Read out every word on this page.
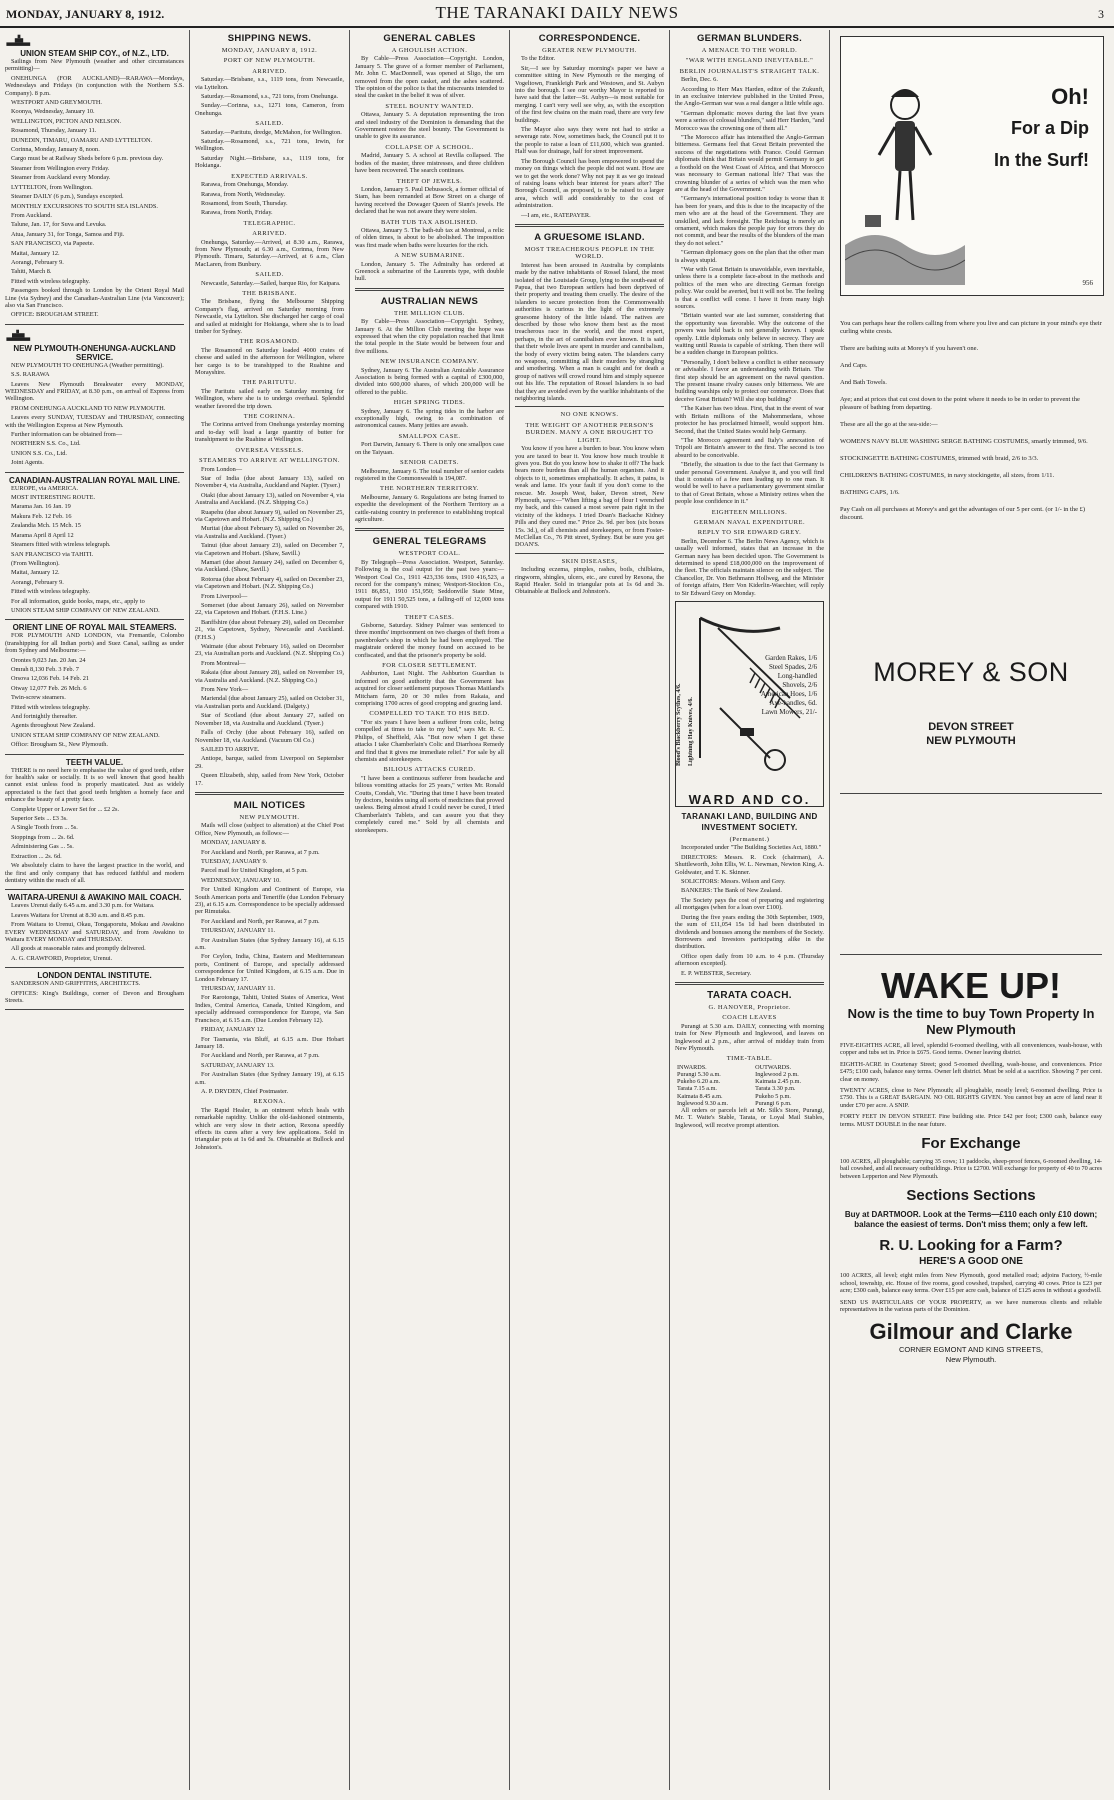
MONDAY, JANUARY 8, 1912.	THE TARANAKI DAILY NEWS	3
UNION STEAM SHIP COY., of N.Z., LTD.

Sailings from New Plymouth (weather and other circumstances permitting)—

ONEHUNGA (FOR AUCKLAND)—RARAWA—Mondays, Wednesdays and Fridays (in conjunction with the Northern S.S. Company). 8 p.m.

WESTPORT AND GREYMOUTH.

Koonya, Wednesday, January 10.

WELLINGTON, PICTON AND NELSON.

Rosamond, Thursday, January 11.

DUNEDIN, TIMARU, OAMARU AND LYTTELTON.

Corinna, Monday, January 8, noon.

Cargo must be at Railway Sheds before 6 p.m. previous day.

Steamer from Wellington every Friday.

Steamer from Auckland every Monday.

LYTTELTON, from Wellington.

Steamer DAILY (6 p.m.), Sundays excepted.

MONTHLY EXCURSIONS TO SOUTH SEA ISLANDS.

From Auckland.

Talune, Jan. 17, for Suva and Levuka.

Atua, January 31, for Tonga, Samoa and Fiji.

SAN FRANCISCO, via Papeete.

Maitai, January 12.

Aorangi, February 9.

Tahiti, March 8.

Fitted with wireless telegraphy.

Passengers booked through to London by the Orient Royal Mail Line (via Sydney) and the Canadian-Australian Line (via Vancouver); also via San Francisco.

OFFICE: BROUGHAM STREET.

NEW PLYMOUTH-ONEHUNGA-AUCKLAND SERVICE.

NEW PLYMOUTH TO ONEHUNGA (Weather permitting).

S.S. RARAWA

Leaves New Plymouth Breakwater every MONDAY, WEDNESDAY and FRIDAY, at 8.30 p.m., on arrival of Express from Wellington.

FROM ONEHUNGA AUCKLAND TO NEW PLYMOUTH.

Leaves every SUNDAY, TUESDAY and THURSDAY, connecting with the Wellington Express at New Plymouth.

Further information can be obtained from—

NORTHERN S.S. Co., Ltd.

UNION S.S. Co., Ltd.

Joint Agents.

CANADIAN-AUSTRALIAN ROYAL MAIL LINE.

EUROPE, via AMERICA.

MOST INTERESTING ROUTE.

Marama Jan. 16 Jan. 19

Makura Feb. 12 Feb. 16

Zealandia Mch. 15 Mch. 15

Marama April 8 April 12

Steamers fitted with wireless telegraph.

SAN FRANCISCO via TAHITI.

(From Wellington).

Maitai, January 12.

Aorangi, February 9.

Fitted with wireless telegraphy.

For all information, guide books, maps, etc., apply to

UNION STEAM SHIP COMPANY OF NEW ZEALAND.

ORIENT LINE OF ROYAL MAIL STEAMERS.

FOR PLYMOUTH AND LONDON, via Fremantle, Colombo (transhipping for all Indian ports) and Suez Canal, sailing as under from Sydney and Melbourne:—

Orontes 9,023 Jan. 20 Jan. 24

Omrah 8,130 Feb. 3 Feb. 7

Orsova 12,036 Feb. 14 Feb. 21

Otway 12,077 Feb. 26 Mch. 6

Twin-screw steamers.

Fitted with wireless telegraphy.

And fortnightly thereafter.

Agents throughout New Zealand.

UNION STEAM SHIP COMPANY OF NEW ZEALAND.

Office: Brougham St., New Plymouth.

TEETH VALUE.

THERE is no need here to emphasise the value of good teeth, either for health's sake or socially. It is so well known that good health cannot exist unless food is properly masticated. Just as widely appreciated is the fact that good teeth brighten a homely face and enhance the beauty of a pretty face.

Complete Upper or Lower Set for ... £2 2s.

Superior Sets ... £3 3s.

A Single Tooth from ... 5s.

Stoppings from ... 2s. 6d.

Administering Gas ... 5s.

Extraction ... 2s. 6d.

We absolutely claim to have the largest practice in the world, and the first and only company that has reduced faithful and modern dentistry within the reach of all.

WAITARA-URENUI & AWAKINO MAIL COACH.

Leaves Urenui daily 6.45 a.m. and 3.30 p.m. for Waitara.

Leaves Waitara for Urenui at 8.30 a.m. and 8.45 p.m.

From Waitara to Urenui, Okau, Tongaporutu, Mokau and Awakino EVERY WEDNESDAY and SATURDAY, and from Awakino to Waitara EVERY MONDAY and THURSDAY.

All goods at reasonable rates and promptly delivered.

A. G. CRAWFORD, Proprietor, Urenui.

LONDON DENTAL INSTITUTE.

SANDERSON AND GRIFFITHS, ARCHITECTS.

OFFICES: King's Buildings, corner of Devon and Brougham Streets.

SHIPPING NEWS.
MONDAY, JANUARY 8, 1912.
PORT OF NEW PLYMOUTH.
ARRIVED.

Saturday.—Brisbane, s.s., 1119 tons, from Newcastle, via Lyttelton.

Saturday.—Rosamond, s.s., 721 tons, from Onehunga.

Sunday.—Corinna, s.s., 1271 tons, Cameron, from Onehunga.

SAILED.

Saturday.—Paritutu, dredge, McMahon, for Wellington.

Saturday.—Rosamond, s.s., 721 tons, Irwin, for Wellington.

Saturday Night.—Brisbane, s.s., 1119 tons, for Hokianga.

EXPECTED ARRIVALS.

Rarawa, from Onehunga, Monday.

Rarawa, from North, Wednesday.

Rosamond, from South, Thursday.

Rarawa, from North, Friday.

TELEGRAPHIC.
ARRIVED.

Onehunga, Saturday.—Arrived, at 8.30 a.m., Rarawa, from New Plymouth; at 6.30 a.m., Corinna, from New Plymouth. Timaru, Saturday.—Arrived, at 6 a.m., Clan MacLaren, from Bunbury.

SAILED.

Newcastle, Saturday.—Sailed, barque Rio, for Kaipara.

THE BRISBANE.

The Brisbane, flying the Melbourne Shipping Company's flag, arrived on Saturday morning from Newcastle, via Lyttelton. She discharged her cargo of coal and sailed at midnight for Hokianga, where she is to load timber for Sydney.

THE ROSAMOND.

The Rosamond on Saturday loaded 4000 crates of cheese and sailed in the afternoon for Wellington, where her cargo is to be transhipped to the Ruahine and Morayshire.

THE PARITUTU.

The Paritutu sailed early on Saturday morning for Wellington, where she is to undergo overhaul. Splendid weather favored the trip down.

THE CORINNA.

The Corinna arrived from Onehunga yesterday morning and to-day will load a large quantity of butter for transhipment to the Ruahine at Wellington.

OVERSEA VESSELS.
STEAMERS TO ARRIVE AT WELLINGTON.

From London—

Star of India (due about January 13), sailed on November 4, via Australia, Auckland and Napier. (Tyser.)

Otaki (due about January 13), sailed on November 4, via Australia and Auckland. (N.Z. Shipping Co.)

Ruapehu (due about January 9), sailed on November 25, via Capetown and Hobart. (N.Z. Shipping Co.)

Muritai (due about February 5), sailed on November 26, via Australia and Auckland. (Tyser.)

Tainui (due about January 23), sailed on December 7, via Capetown and Hobart. (Shaw, Savill.)

Mamari (due about January 24), sailed on December 6, via Auckland. (Shaw, Savill.)

Rotorua (due about February 4), sailed on December 23, via Capetown and Hobart. (N.Z. Shipping Co.)

From Liverpool—

Somerset (due about January 26), sailed on November 22, via Capetown and Hobart. (F.H.S. Line.)

Banffshire (due about February 29), sailed on December 21, via Capetown, Sydney, Newcastle and Auckland. (F.H.S.)

Waimate (due about February 16), sailed on December 23, via Australian ports and Auckland. (N.Z. Shipping Co.)

From Montreal—

Rakaia (due about January 28), sailed on November 19, via Australia and Auckland. (N.Z. Shipping Co.)

From New York—

Mariendal (due about January 25), sailed on October 31, via Australian ports and Auckland. (Dalgety.)

Star of Scotland (due about January 27, sailed on November 18, via Australia and Auckland. (Tyser.)

Falls of Orchy (due about February 16), sailed on November 18, via Auckland. (Vacuum Oil Co.)

SAILED TO ARRIVE.

Antiope, barque, sailed from Liverpool on September 29.

Queen Elizabeth, ship, sailed from New York, October 17.

MAIL NOTICES
NEW PLYMOUTH.

Mails will close (subject to alteration) at the Chief Post Office, New Plymouth, as follows:—

MONDAY, JANUARY 8.

For Auckland and North, per Rarawa, at 7 p.m.

TUESDAY, JANUARY 9.

Parcel mail for United Kingdom, at 5 p.m.

WEDNESDAY, JANUARY 10.

For United Kingdom and Continent of Europe, via South American ports and Teneriffe (due London February 23), at 6.15 a.m. Correspondence to be specially addressed per Rimutaka.

For Auckland and North, per Rarawa, at 7 p.m.

THURSDAY, JANUARY 11.

For Australian States (due Sydney January 16), at 6.15 a.m.

For Ceylon, India, China, Eastern and Mediterranean ports, Continent of Europe, and specially addressed correspondence for United Kingdom, at 6.15 a.m. Due in London February 17.

THURSDAY, JANUARY 11.

For Rarotonga, Tahiti, United States of America, West Indies, Central America, Canada, United Kingdom, and specially addressed correspondence for Europe, via San Francisco, at 6.15 a.m. (Due London February 12).

FRIDAY, JANUARY 12.

For Tasmania, via Bluff, at 6.15 a.m. Due Hobart January 18.

For Auckland and North, per Rarawa, at 7 p.m.

SATURDAY, JANUARY 13.

For Australian States (due Sydney January 19), at 6.15 a.m.

A. P. DRYDEN, Chief Postmaster.

REXONA.

The Rapid Healer, is an ointment which heals with remarkable rapidity. Unlike the old-fashioned ointments, which are very slow in their action, Rexona speedily effects its cures after a very few applications. Sold in triangular pots at 1s 6d and 3s. Obtainable at Bullock and Johnston's.

GENERAL CABLES
A GHOULISH ACTION.

By Cable—Press Association—Copyright. London, January 5. The grave of a former member of Parliament, Mr. John C. MacDonnell, was opened at Sligo, the urn removed from the open casket, and the ashes scattered. The opinion of the police is that the miscreants intended to steal the casket in the belief it was of silver.

STEEL BOUNTY WANTED.

Ottawa, January 5. A deputation representing the iron and steel industry of the Dominion is demanding that the Government restore the steel bounty. The Government is unable to give its assurance.

COLLAPSE OF A SCHOOL.

Madrid, January 5. A school at Revilla collapsed. The bodies of the master, three mistresses, and three children have been recovered. The search continues.

THEFT OF JEWELS.

London, January 5. Paul Debussock, a former official of Siam, has been remanded at Bow Street on a charge of having received the Dowager Queen of Siam's jewels. He declared that he was not aware they were stolen.

BATH TUB TAX ABOLISHED.

Ottawa, January 5. The bath-tub tax at Montreal, a relic of olden times, is about to be abolished. The imposition was first made when baths were luxuries for the rich.

A NEW SUBMARINE.

London, January 5. The Admiralty has ordered at Greenock a submarine of the Laurents type, with double hull.

AUSTRALIAN NEWS
THE MILLION CLUB.

By Cable—Press Association—Copyright. Sydney, January 6. At the Million Club meeting the hope was expressed that when the city population reached that limit the total people in the State would be between four and five millions.

NEW INSURANCE COMPANY.

Sydney, January 6. The Australian Amicable Assurance Association is being formed with a capital of £300,000, divided into 600,000 shares, of which 200,000 will be offered to the public.

HIGH SPRING TIDES.

Sydney, January 6. The spring tides in the harbor are exceptionally high, owing to a combination of astronomical causes. Many jetties are awash.

SMALLPOX CASE.

Port Darwin, January 6. There is only one smallpox case on the Taiyuan.

SENIOR CADETS.

Melbourne, January 6. The total number of senior cadets registered in the Commonwealth is 194,087.

THE NORTHERN TERRITORY.

Melbourne, January 6. Regulations are being framed to expedite the development of the Northern Territory as a cattle-raising country in preference to establishing tropical agriculture.

GENERAL TELEGRAMS
WESTPORT COAL.

By Telegraph—Press Association. Westport, Saturday. Following is the coal output for the past two years:—Westport Coal Co., 1911 423,336 tons, 1910 416,523, a record for the company's mines; Westport-Stockton Co., 1911 86,851, 1910 151,950; Seddonville State Mine, output for 1911 50,525 tons, a falling-off of 12,000 tons compared with 1910.

THEFT CASES.

Gisborne, Saturday. Sidney Palmer was sentenced to three months' imprisonment on two charges of theft from a pawnbroker's shop in which he had been employed. The magistrate ordered the money found on accused to be confiscated, and that the prisoner's property be sold.

FOR CLOSER SETTLEMENT.

Ashburton, Last Night. The Ashburton Guardian is informed on good authority that the Government has acquired for closer settlement purposes Thomas Maitland's Mitcham farm, 20 or 30 miles from Rakaia, and comprising 1700 acres of good cropping and grazing land.

COMPELLED TO TAKE TO HIS BED.

"For six years I have been a sufferer from colic, being compelled at times to take to my bed," says Mr. R. C. Philips, of Sheffield, Ala. "But now when I get these attacks I take Chamberlain's Colic and Diarrhoea Remedy and find that it gives me immediate relief." For sale by all chemists and storekeepers.

BILIOUS ATTACKS CURED.

"I have been a continuous sufferer from headache and bilious vomiting attacks for 25 years," writes Mr. Ronald Coutts, Condah, Vic. "During that time I have been treated by doctors, besides using all sorts of medicines that proved useless. Being almost afraid I could never be cured, I tried Chamberlain's Tablets, and can assure you that they completely cured me." Sold by all chemists and storekeepers.

CORRESPONDENCE.
GREATER NEW PLYMOUTH.

To the Editor.

Sir,—I see by Saturday morning's paper we have a committee sitting in New Plymouth re the merging of Vogeltown, Frankleigh Park and Westown, and St. Aubyn into the borough. I see our worthy Mayor is reported to have said that the latter—St. Aubyn—is most suitable for merging. I can't very well see why, as, with the exception of the first few chains on the main road, there are very few buildings.

The Mayor also says they were not had to strike a sewerage rate. Now, sometimes back, the Council put it to the people to raise a loan of £11,600, which was granted. Half was for drainage, half for street improvement.

The Borough Council has been empowered to spend the money on things which the people did not want. How are we to get the work done? Why not pay it as we go instead of raising loans which bear interest for years after? The Borough Council, as proposed, is to be raised to a larger area, which will add considerably to the cost of administration.

—I am, etc., RATEPAYER.

A GRUESOME ISLAND.
MOST TREACHEROUS PEOPLE IN THE WORLD.

Interest has been aroused in Australia by complaints made by the native inhabitants of Rossel Island, the most isolated of the Louisiade Group, lying to the south-east of Papua, that two European settlers had been deprived of their property and treating them cruelly. The desire of the islanders to secure protection from the Commonwealth authorities is curious in the light of the extremely gruesome history of the little island. The natives are described by those who know them best as the most treacherous race in the world, and the most expert, perhaps, in the art of cannibalism ever known. It is said that their whole lives are spent in murder and cannibalism, the body of every victim being eaten. The islanders carry no weapons, committing all their murders by strangling and smothering. When a man is caught and for death a group of natives will crowd round him and simply squeeze out his life. The reputation of Rossel Islanders is so bad that they are avoided even by the warlike inhabitants of the neighboring islands.

NO ONE KNOWS.
THE WEIGHT OF ANOTHER PERSON'S BURDEN. MANY A ONE BROUGHT TO LIGHT.

You know if you have a burden to bear. You know when you are taxed to bear it. You know how much trouble it gives you. But do you know how to shake it off? The back bears more burdens than all the human organism. And it objects to it, sometimes emphatically. It aches, it pains, is weak and lame. It's your fault if you don't come to the rescue. Mr. Joseph West, baker, Devon street, New Plymouth, says:—"When lifting a bag of flour I wrenched my back, and this caused a most severe pain right in the vicinity of the kidneys. I tried Doan's Backache Kidney Pills and they cured me." Price 2s. 9d. per box (six boxes 15s. 3d.), of all chemists and storekeepers, or from Foster-McClellan Co., 76 Pitt street, Sydney. But be sure you get DOAN'S.

SKIN DISEASES,

Including eczema, pimples, rashes, boils, chilblains, ringworm, shingles, ulcers, etc., are cured by Rexona, the Rapid Healer. Sold in triangular pots at 1s 6d and 3s. Obtainable at Bullock and Johnston's.

GERMAN BLUNDERS.
A MENACE TO THE WORLD.
"WAR WITH ENGLAND INEVITABLE."
BERLIN JOURNALIST'S STRAIGHT TALK.

Berlin, Dec. 6.

According to Herr Max Harden, editor of the Zukunft, in an exclusive interview published in the United Press, the Anglo-German war was a real danger a little while ago.

"German diplomatic moves during the last five years were a series of colossal blunders," said Herr Harden, "and Morocco was the crowning one of them all."

"The Morocco affair has intensified the Anglo-German bitterness. Germans feel that Great Britain prevented the success of the negotiations with France. Could German diplomats think that Britain would permit Germany to get a foothold on the West Coast of Africa, and that Morocco was necessary to German national life? That was the crowning blunder of a series of which was the men who are at the head of the Government."

"Germany's international position today is worse than it has been for years, and this is due to the incapacity of the men who are at the head of the Government. They are unskilled, and lack foresight. The Reichstag is merely an ornament, which makes the people pay for errors they do not commit, and bear the results of the blunders of the man they do not select."

"German diplomacy goes on the plan that the other man is always stupid.

"War with Great Britain is unavoidable, even inevitable, unless there is a complete face-about in the methods and politics of the men who are directing German foreign policy. War could be averted, but it will not be. The feeling is that a conflict will come. I have it from many high sources.

"Britain wanted war ate last summer, considering that the opportunity was favorable. Why the outcome of the powers was held back is not generally known. I speak openly. Little diplomats only believe in secrecy. They are waiting until Russia is capable of striking. Then there will be a sudden change in European politics.

"Personally, I don't believe a conflict is either necessary or advisable. I favor an understanding with Britain. The first step should be an agreement on the naval question. The present insane rivalry causes only bitterness. We are building warships only to protect our commerce. Does that deceive Great Britain? Will she stop building?

"The Kaiser has two ideas. First, that in the event of war with Britain millions of the Mahommedans, whose protector he has proclaimed himself, would support him. Second, that the United States would help Germany.

"The Morocco agreement and Italy's annexation of Tripoli are Britain's answer to the first. The second is too absurd to be conceivable.

"Briefly, the situation is due to the fact that Germany is under personal Government. Analyse it, and you will find that it consists of a few men leading up to one man. It would be well to have a parliamentary government similar to that of Great Britain, whose a Ministry retires when the people lose confidence in it."

EIGHTEEN MILLIONS.
GERMAN NAVAL EXPENDITURE.
REPLY TO SIR EDWARD GREY.

Berlin, December 6. The Berlin News Agency, which is usually well informed, states that an increase in the German navy has been decided upon. The Government is determined to spend £18,000,000 on the improvement of the fleet. The officials maintain silence on the subject. The Chancellor, Dr. Von Bethmann Hollweg, and the Minister of foreign affairs, Herr Von Kiderlin-Waechter, will reply to Sir Edward Grey on Monday.

Blood's Blackberry Scythes, 4/6.	Lightning Hay Knives, 4/6.
Garden Rakes, 1/6
Steel Spades, 2/6
Long-handled
Shovels, 2/6
American Hoes, 1/6
Axe-handles, 6d.
Lawn Mowers, 21/-
WARD AND CO.
TARANAKI LAND, BUILDING AND INVESTMENT SOCIETY.
(Permanent.)

Incorporated under "The Building Societies Act, 1880."

DIRECTORS: Messrs. R. Cock (chairman), A. Shuttleworth, John Ellis, W. L. Newman, Newton King, A. Goldwater, and T. K. Skinner.

SOLICITORS: Messrs. Wilson and Grey.

BANKERS: The Bank of New Zealand.

The Society pays the cost of preparing and registering all mortgages (when for a loan over £100).

During the five years ending the 30th September, 1909, the sum of £11,054 15s 1d had been distributed in dividends and bonuses among the members of the Society. Borrowers and Investors participating alike in the distribution.

Office open daily from 10 a.m. to 4 p.m. (Thursday afternoon excepted).

E. P. WEBSTER, Secretary.

TARATA COACH.
G. HANOVER, Proprietor.
COACH LEAVES

Purangi at 5.30 a.m. DAILY, connecting with morning train for New Plymouth and Inglewood, and leaves on Inglewood at 2 p.m., after arrival of midday train from New Plymouth.

TIME-TABLE.
INWARDS.	OUTWARDS.
Purangi 5.30 a.m.	Inglewood 2 p.m.
Pukeho 6.20 a.m.	Kaimata 2.45 p.m.
Tarata 7.15 a.m.	Tarata 3.30 p.m.
Kaimata 8.45 a.m.	Pukeho 5 p.m.
Inglewood 9.30 a.m.	Purangi 6 p.m.

All orders or parcels left at Mr. Silk's Store, Purangi, Mr. T. Waite's Stable, Tarata, or Loyal Mail Stables, Inglewood, will receive prompt attention.

Oh!
For a Dip
In the Surf!
956

You can perhaps hear the rollers calling from where you live and can picture in your mind's eye their curling white crests.

There are bathing suits at Morey's if you haven't one.

And Caps.

And Bath Towels.

Aye; and at prices that cut cost down to the point where it needs to be in order to prevent the pleasure of bathing from departing.

These are all the go at the sea-side:—

WOMEN'S NAVY BLUE WASHING SERGE BATHING COSTUMES, smartly trimmed, 9/6.

STOCKINGETTE BATHING COSTUMES, trimmed with braid, 2/6 to 3/3.

CHILDREN'S BATHING COSTUMES, in navy stockingette, all sizes, from 1/11.

BATHING CAPS, 1/6.

Pay Cash on all purchases at Morey's and get the advantages of our 5 per cent. (or 1/- in the £) discount.

MOREY & SON
DEVON STREET
NEW PLYMOUTH
WAKE UP!
Now is the time to buy Town Property In New Plymouth

FIVE-EIGHTHS ACRE, all level, splendid 6-roomed dwelling, with all conveniences, wash-house, with copper and tubs set in. Price is £675. Good terms. Owner leaving district.

EIGHTH-ACRE in Courtenay Street; good 5-roomed dwelling, wash-house, and conveniences. Price £475; £100 cash, balance easy terms. Owner left district. Must be sold at a sacrifice. Showing 7 per cent. clear on money.

TWENTY ACRES, close to New Plymouth; all ploughable, mostly level; 6-roomed dwelling. Price is £750. This is a GREAT BARGAIN. NO OIL RIGHTS GIVEN. You cannot buy an acre of land near it under £70 per acre. A SNIP.

FORTY FEET IN DEVON STREET. Fine building site. Price £42 per foot; £300 cash, balance easy terms. MUST DOUBLE in the near future.

For Exchange
100 ACRES, all ploughable; carrying 35 cows; 11 paddocks, sheep-proof fences, 6-roomed dwelling, 14-bail cowshed, and all necessary outbuildings. Price is £2700. Will exchange for property of 40 to 70 acres between Lepperton and New Plymouth.
Sections Sections
Buy at DARTMOOR. Look at the Terms—£110 each only £10 down; balance the easiest of terms. Don't miss them; only a few left.
R. U. Looking for a Farm?
HERE'S A GOOD ONE
100 ACRES, all level; eight miles from New Plymouth, good metalled road; adjoins Factory, ½-mile school, township, etc. House of five rooms, good cowshed, trapshed, carrying 40 cows. Price is £23 per acre; £300 cash, balance easy terms. Over £15 per acre cash, balance of £125 acres in without a goodwill.
SEND US PARTICULARS OF YOUR PROPERTY, as we have numerous clients and reliable representatives in the various parts of the Dominion.
Gilmour and Clarke
CORNER EGMONT AND KING STREETS,
New Plymouth.
